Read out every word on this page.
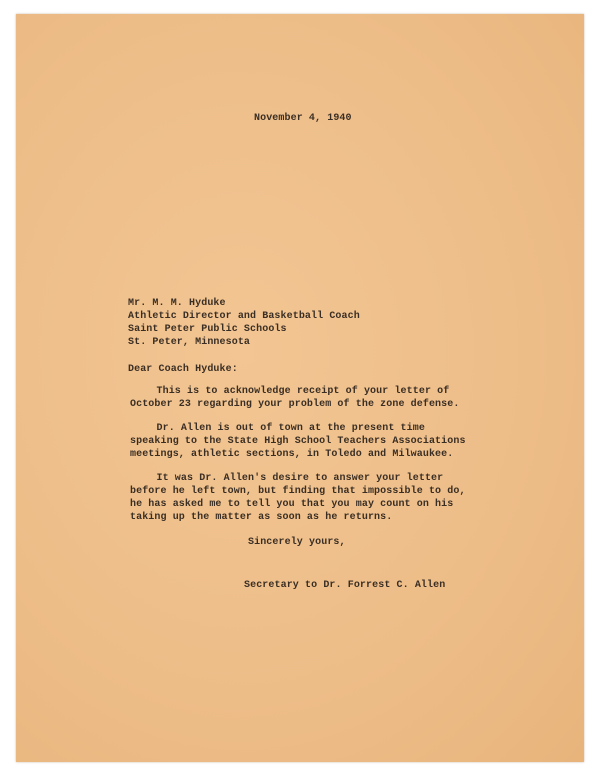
November 4, 1940
Mr. M. M. Hyduke
Athletic Director and Basketball Coach
Saint Peter Public Schools
St. Peter, Minnesota
Dear Coach Hyduke:
This is to acknowledge receipt of your letter of
October 23 regarding your problem of the zone defense.
Dr. Allen is out of town at the present time
speaking to the State High School Teachers Associations
meetings, athletic sections, in Toledo and Milwaukee.
It was Dr. Allen's desire to answer your letter
before he left town, but finding that impossible to do,
he has asked me to tell you that you may count on his
taking up the matter as soon as he returns.
Sincerely yours,
Secretary to Dr. Forrest C. Allen
